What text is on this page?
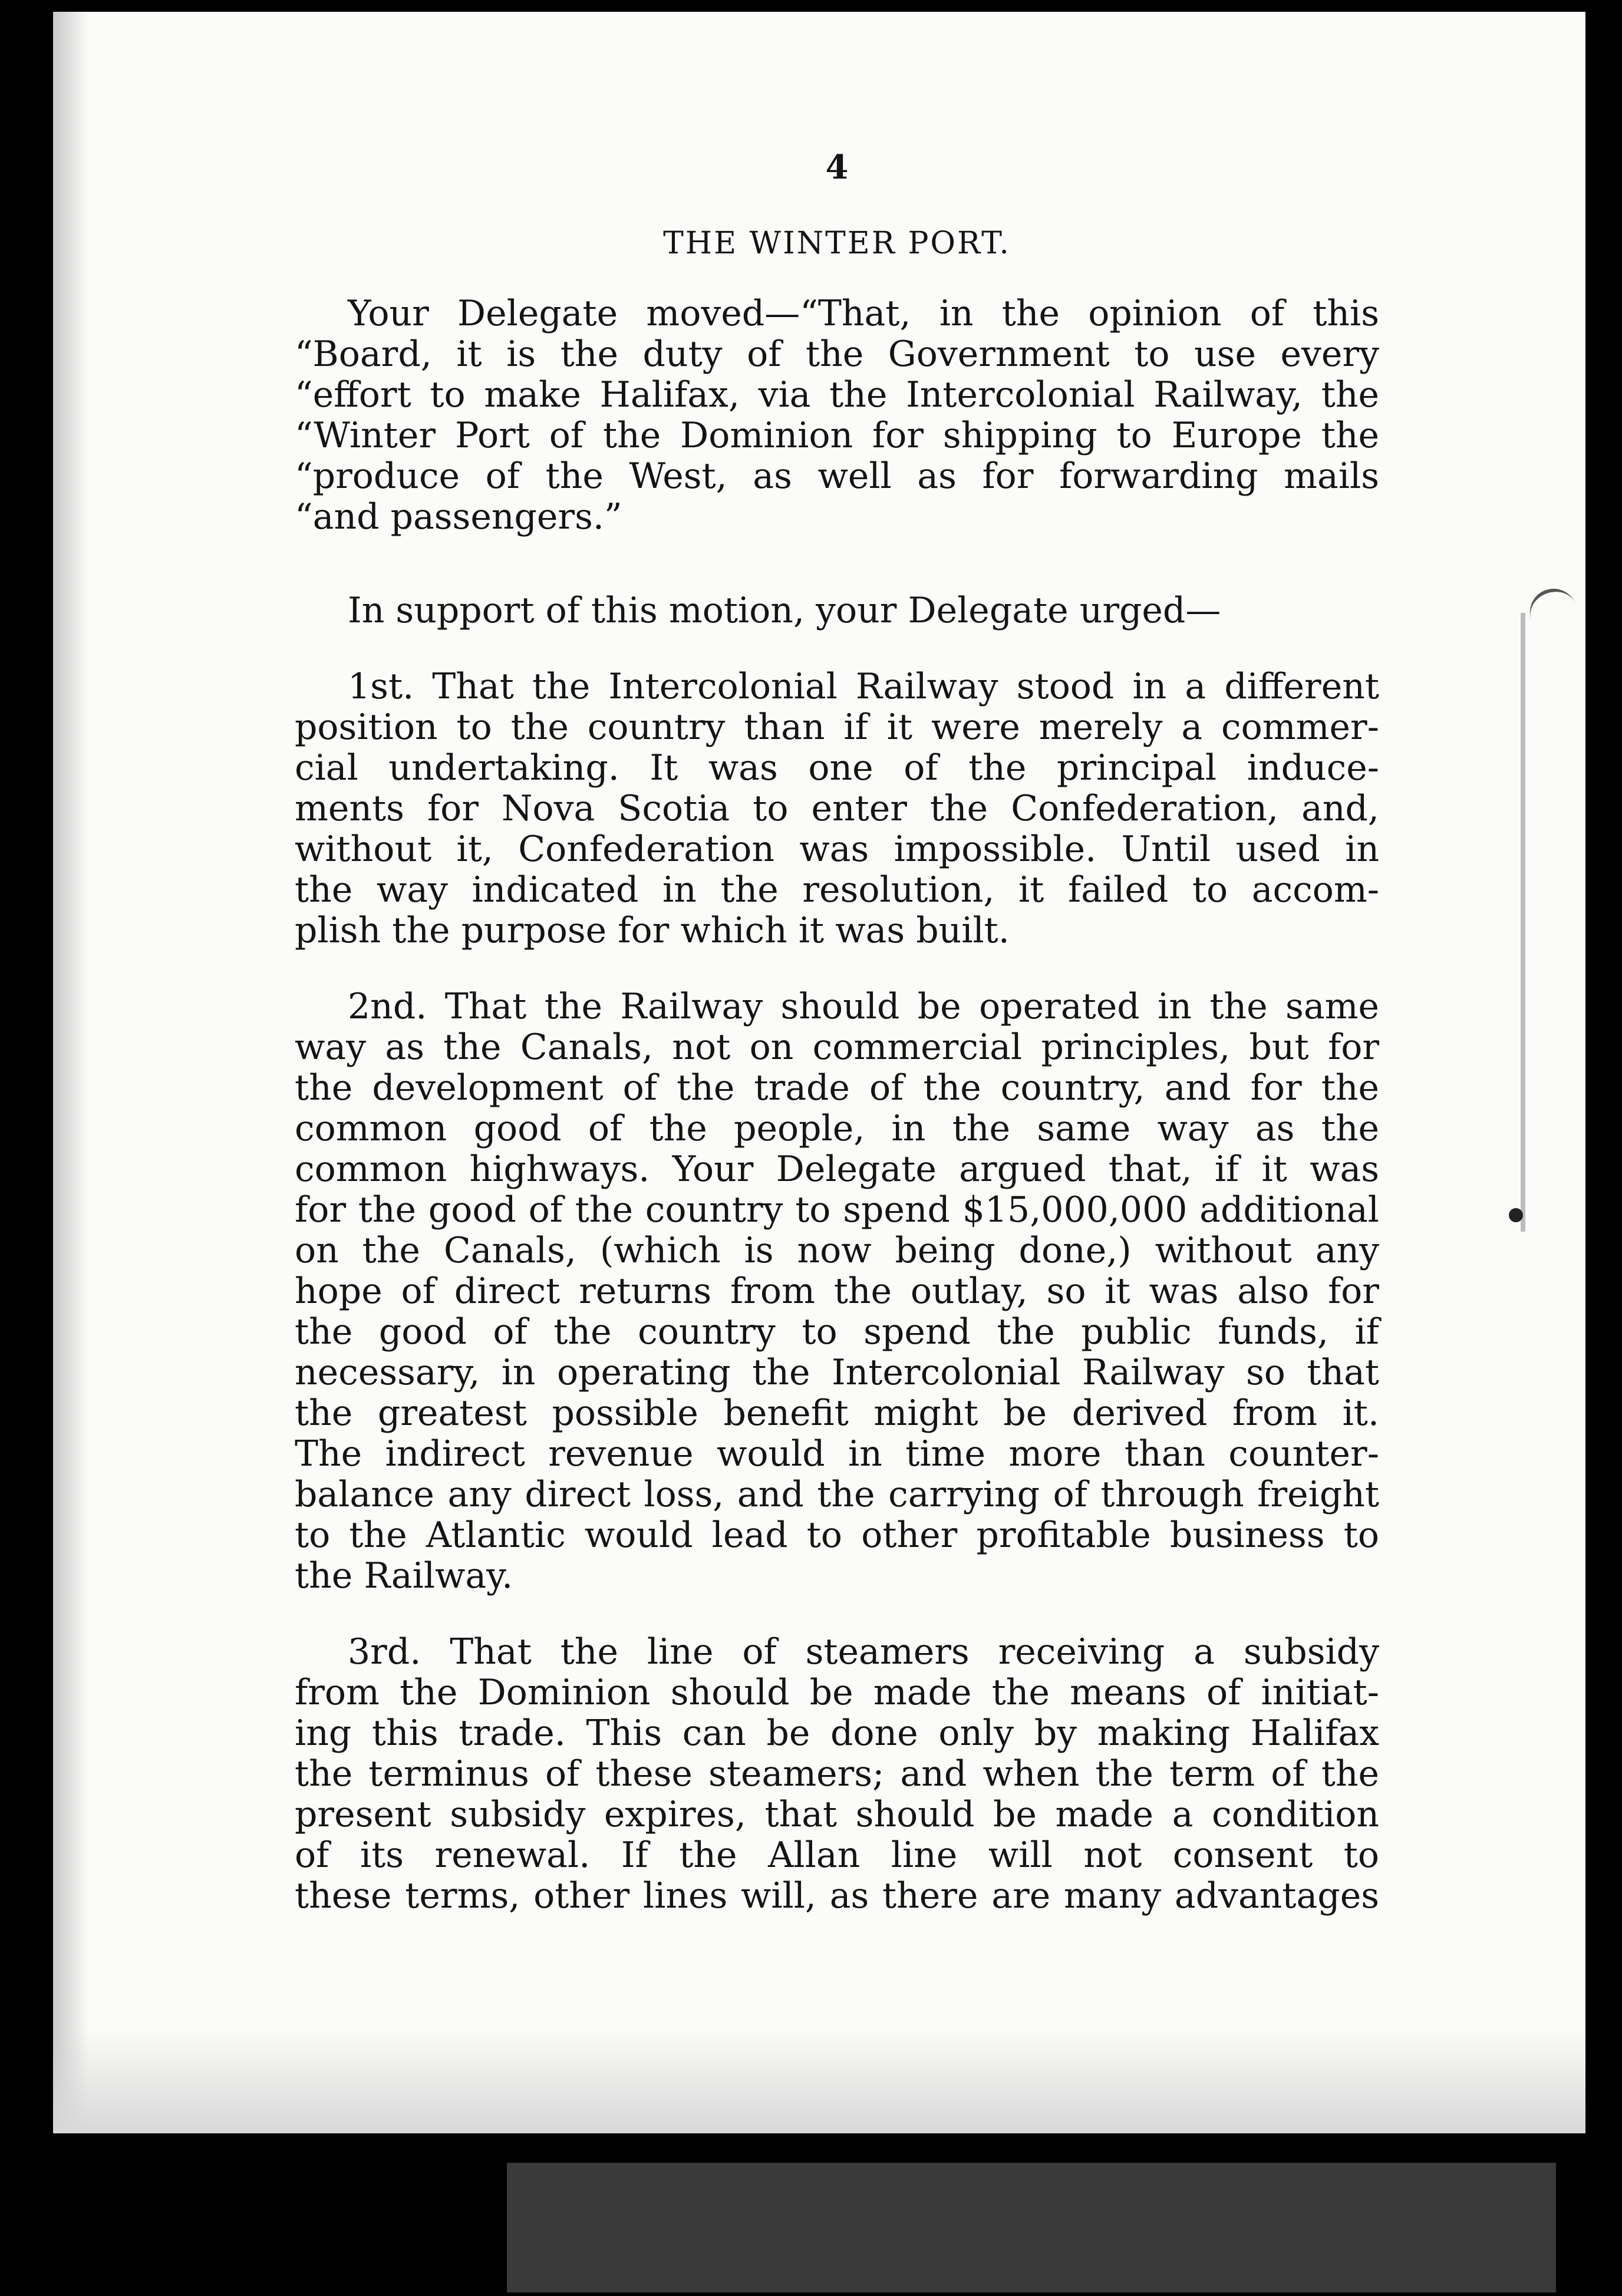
4
THE WINTER PORT.
Your Delegate moved—“That, in the opinion of this
“Board, it is the duty of the Government to use every
“effort to make Halifax, via the Intercolonial Railway, the
“Winter Port of the Dominion for shipping to Europe the
“produce of the West, as well as for forwarding mails
“and passengers.”
In support of this motion, your Delegate urged—
1st. That the Intercolonial Railway stood in a different
position to the country than if it were merely a commer-
cial undertaking. It was one of the principal induce-
ments for Nova Scotia to enter the Confederation, and,
without it, Confederation was impossible. Until used in
the way indicated in the resolution, it failed to accom-
plish the purpose for which it was built.
2nd. That the Railway should be operated in the same
way as the Canals, not on commercial principles, but for
the development of the trade of the country, and for the
common good of the people, in the same way as the
common highways. Your Delegate argued that, if it was
for the good of the country to spend $15,000,000 additional
on the Canals, (which is now being done,) without any
hope of direct returns from the outlay, so it was also for
the good of the country to spend the public funds, if
necessary, in operating the Intercolonial Railway so that
the greatest possible benefit might be derived from it.
The indirect revenue would in time more than counter-
balance any direct loss, and the carrying of through freight
to the Atlantic would lead to other profitable business to
the Railway.
3rd. That the line of steamers receiving a subsidy
from the Dominion should be made the means of initiat-
ing this trade. This can be done only by making Halifax
the terminus of these steamers; and when the term of the
present subsidy expires, that should be made a condition
of its renewal. If the Allan line will not consent to
these terms, other lines will, as there are many advantages
